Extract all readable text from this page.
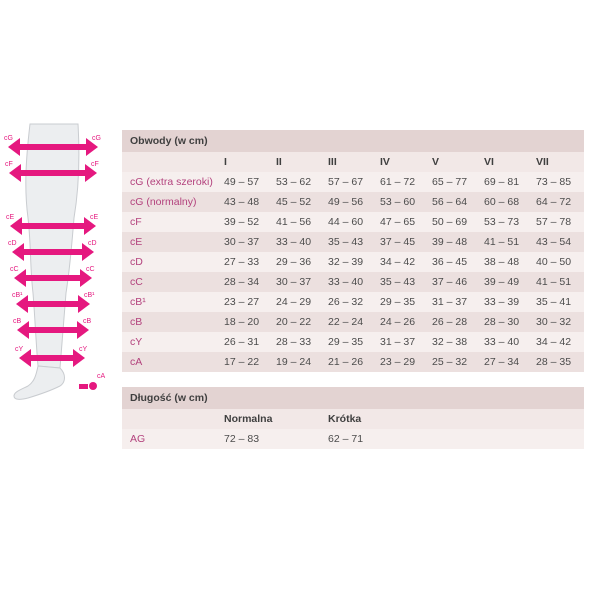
cG	cG
cF	cF
cE	cE
cD	cD
cC	cC
cB¹	cB¹
cB	cB
cY	cY
cA
Obwody (w cm)							
	I	II	III	IV	V	VI	VII
cG (extra szeroki)	49 – 57	53 – 62	57 – 67	61 – 72	65 – 77	69 – 81	73 – 85
cG (normalny)	43 – 48	45 – 52	49 – 56	53 – 60	56 – 64	60 – 68	64 – 72
cF	39 – 52	41 – 56	44 – 60	47 – 65	50 – 69	53 – 73	57 – 78
cE	30 – 37	33 – 40	35 – 43	37 – 45	39 – 48	41 – 51	43 – 54
cD	27 – 33	29 – 36	32 – 39	34 – 42	36 – 45	38 – 48	40 – 50
cC	28 – 34	30 – 37	33 – 40	35 – 43	37 – 46	39 – 49	41 – 51
cB¹	23 – 27	24 – 29	26 – 32	29 – 35	31 – 37	33 – 39	35 – 41
cB	18 – 20	20 – 22	22 – 24	24 – 26	26 – 28	28 – 30	30 – 32
cY	26 – 31	28 – 33	29 – 35	31 – 37	32 – 38	33 – 40	34 – 42
cA	17 – 22	19 – 24	21 – 26	23 – 29	25 – 32	27 – 34	28 – 35
Długość (w cm)		
	Normalna	Krótka
AG	72 – 83	62 – 71
